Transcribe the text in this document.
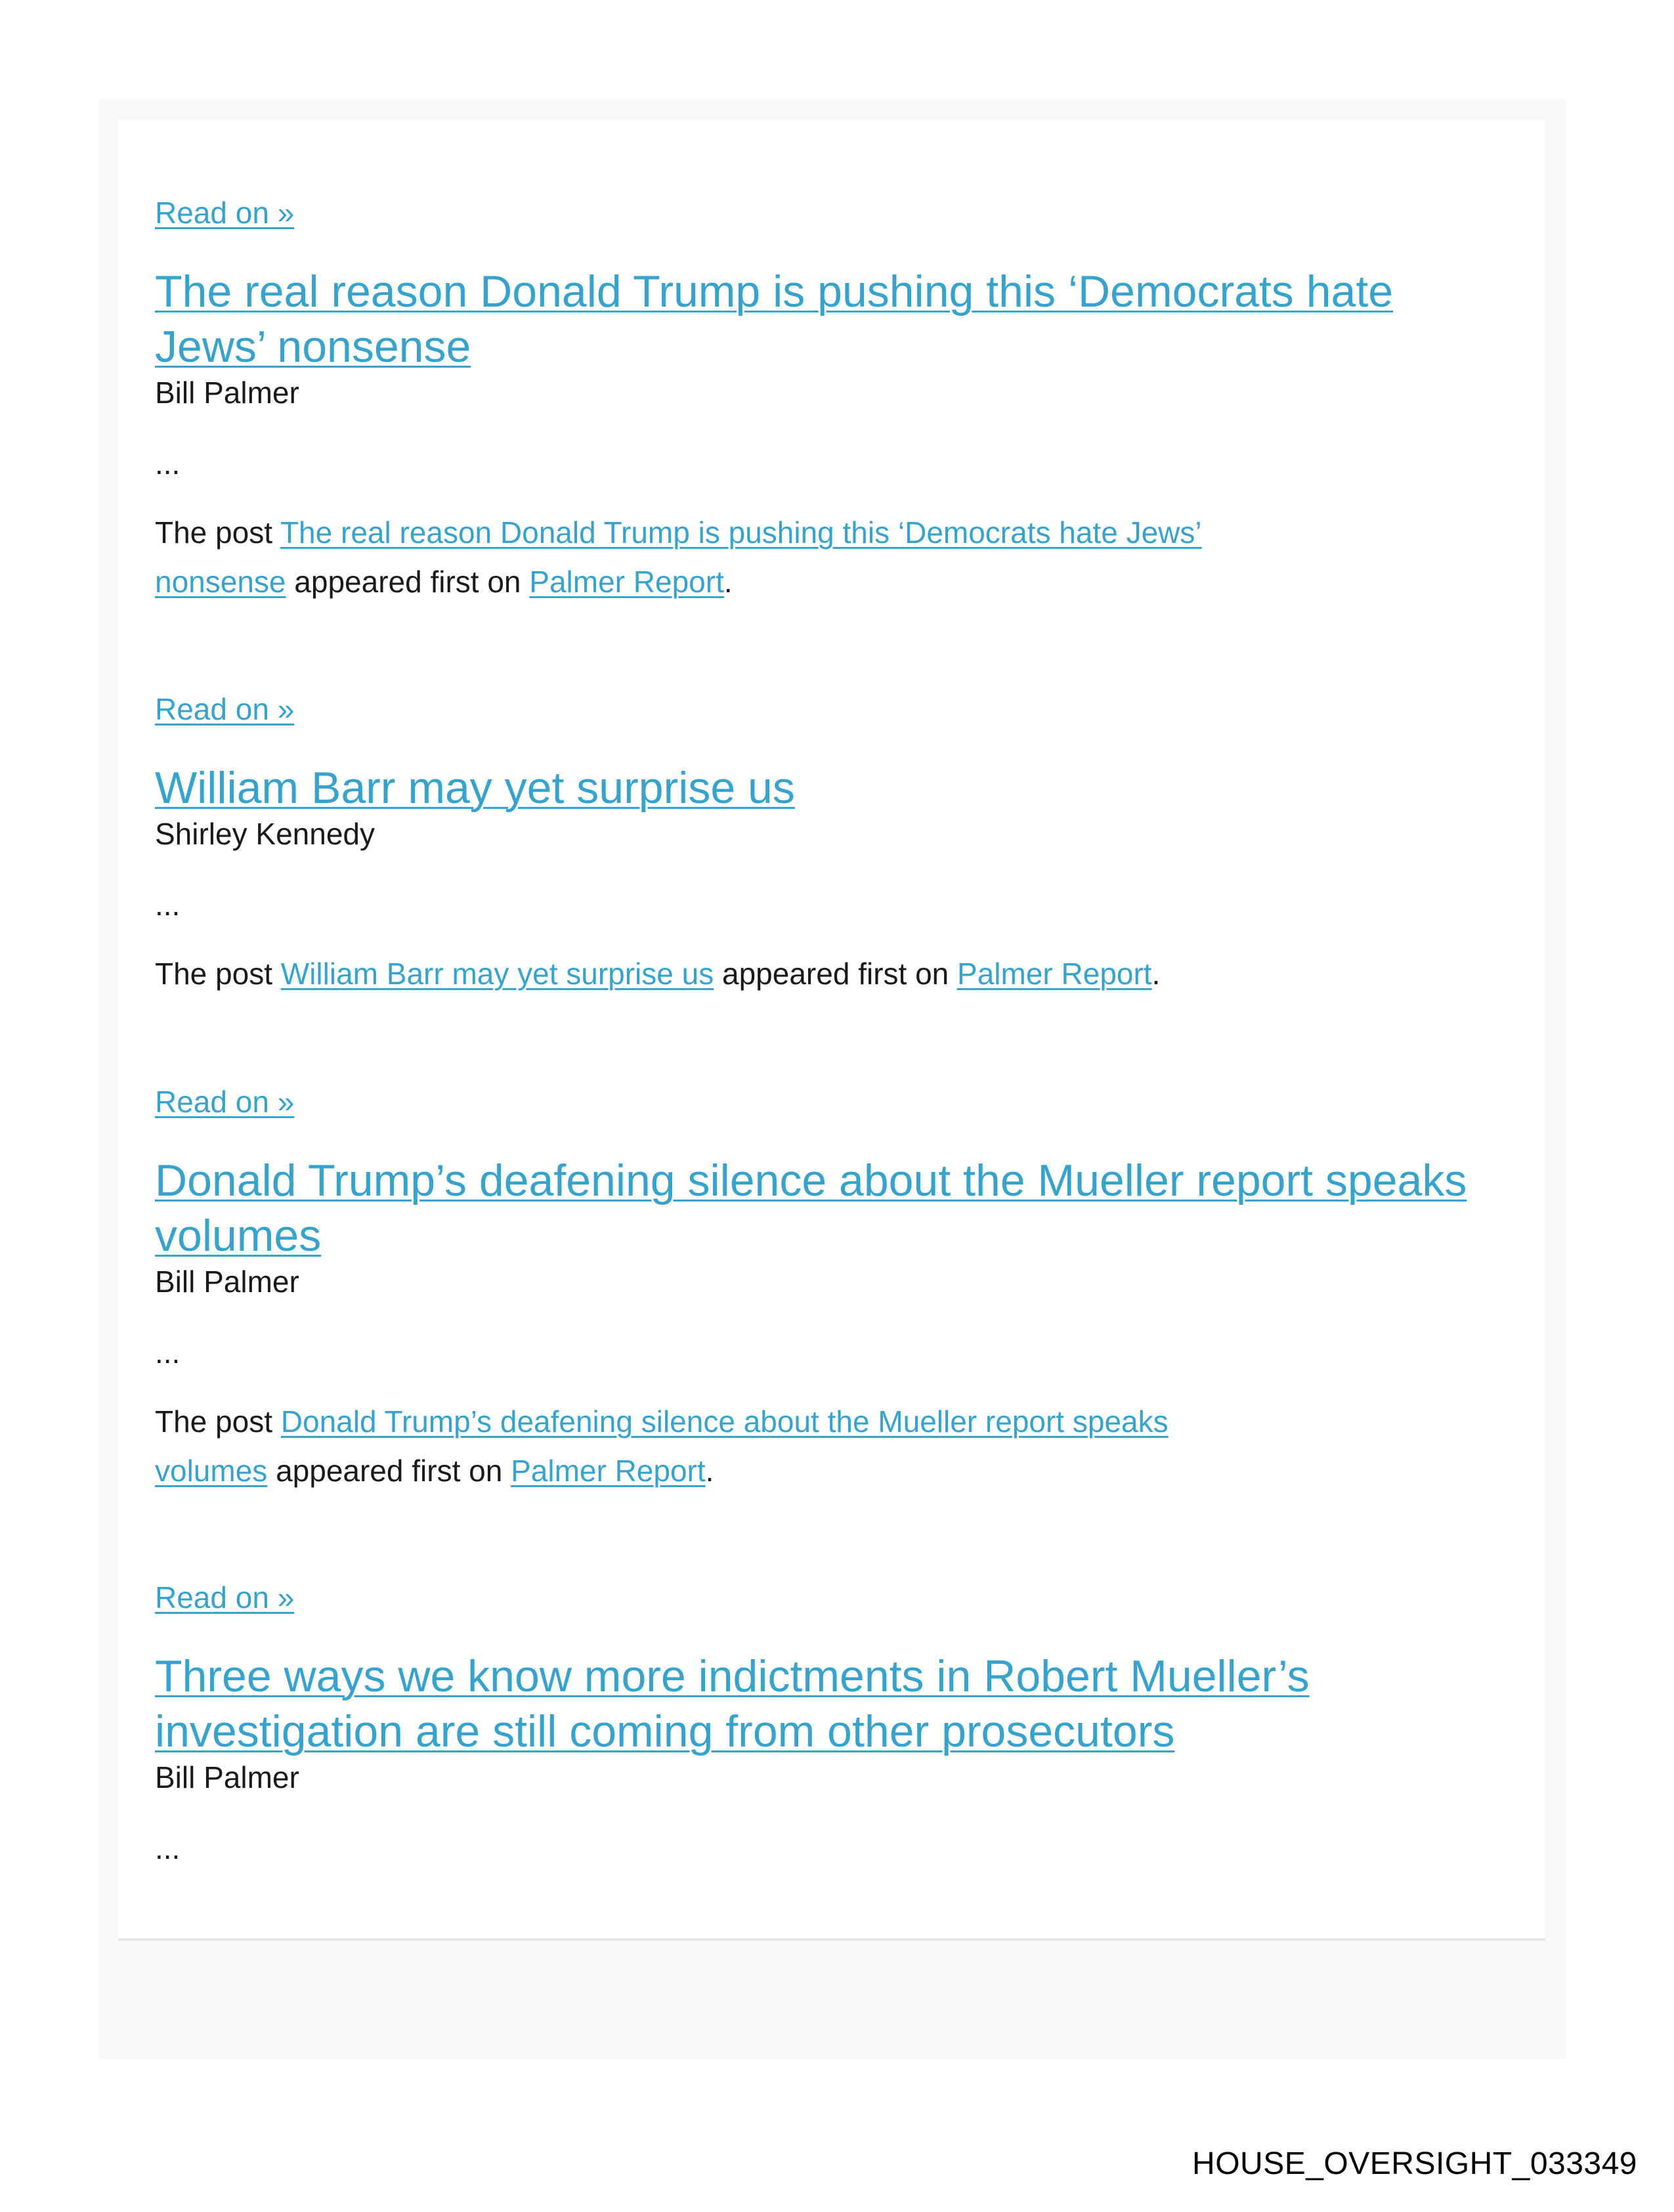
Read on »
The real reason Donald Trump is pushing this ‘Democrats hate
Jews’ nonsense
Bill Palmer
...
The post The real reason Donald Trump is pushing this ‘Democrats hate Jews’
nonsense appeared first on Palmer Report.
Read on »
William Barr may yet surprise us
Shirley Kennedy
...
The post William Barr may yet surprise us appeared first on Palmer Report.
Read on »
Donald Trump’s deafening silence about the Mueller report speaks
volumes
Bill Palmer
...
The post Donald Trump’s deafening silence about the Mueller report speaks
volumes appeared first on Palmer Report.
Read on »
Three ways we know more indictments in Robert Mueller’s
investigation are still coming from other prosecutors
Bill Palmer
...
HOUSE_OVERSIGHT_033349
